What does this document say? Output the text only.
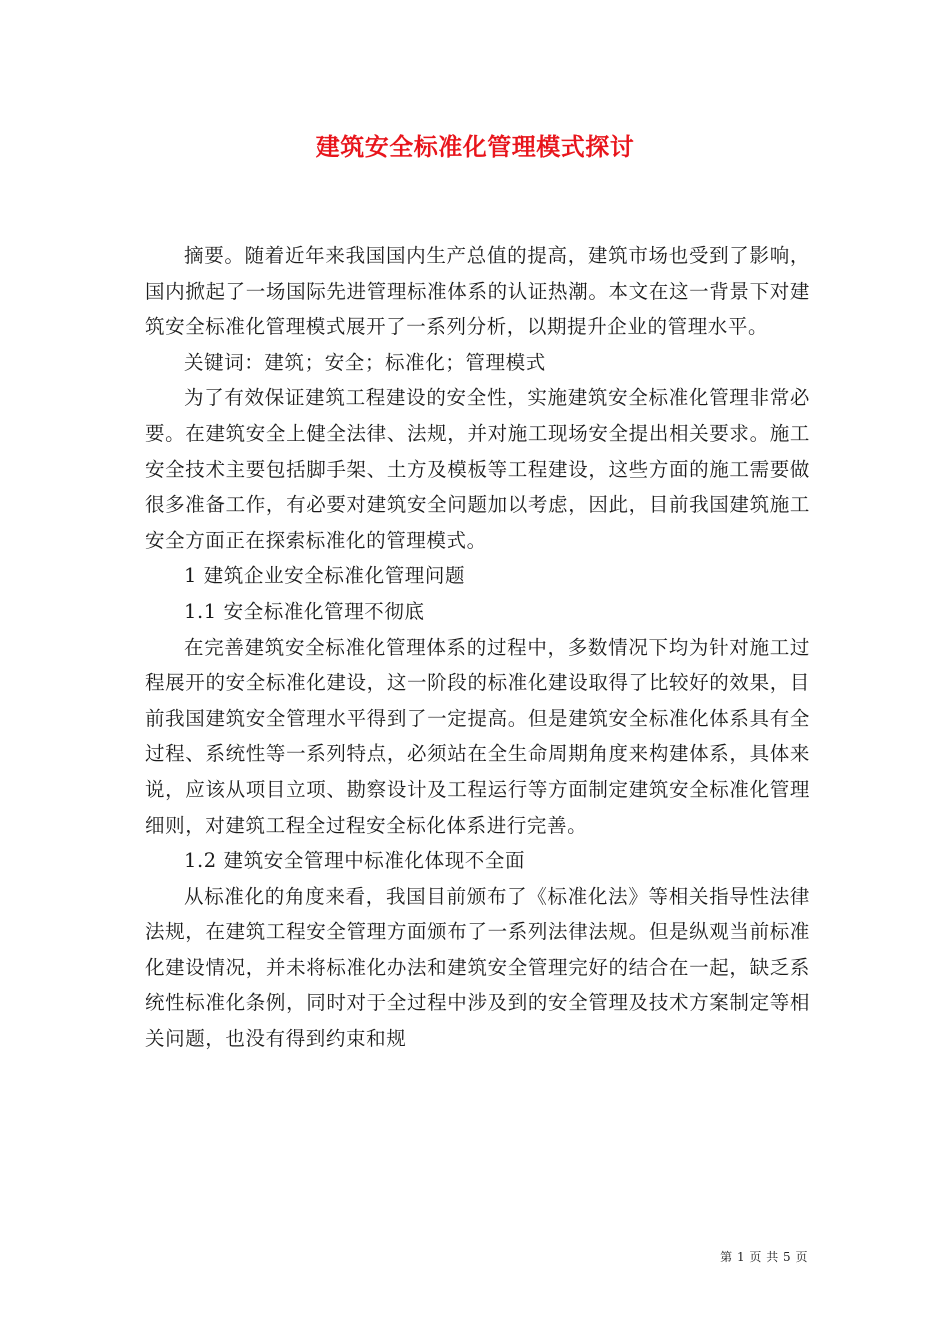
建筑安全标准化管理模式探讨

摘要。随着近年来我国国内生产总值的提高，建筑市场也受到了影响，国内掀起了一场国际先进管理标准体系的认证热潮。本文在这一背景下对建筑安全标准化管理模式展开了一系列分析，以期提升企业的管理水平。

关键词：建筑；安全；标准化；管理模式

为了有效保证建筑工程建设的安全性，实施建筑安全标准化管理非常必要。在建筑安全上健全法律、法规，并对施工现场安全提出相关要求。施工安全技术主要包括脚手架、土方及模板等工程建设，这些方面的施工需要做很多准备工作，有必要对建筑安全问题加以考虑，因此，目前我国建筑施工安全方面正在探索标准化的管理模式。

1 建筑企业安全标准化管理问题

1.1 安全标准化管理不彻底

在完善建筑安全标准化管理体系的过程中，多数情况下均为针对施工过程展开的安全标准化建设，这一阶段的标准化建设取得了比较好的效果，目前我国建筑安全管理水平得到了一定提高。但是建筑安全标准化体系具有全过程、系统性等一系列特点，必须站在全生命周期角度来构建体系，具体来说，应该从项目立项、勘察设计及工程运行等方面制定建筑安全标准化管理细则，对建筑工程全过程安全标化体系进行完善。

1.2 建筑安全管理中标准化体现不全面

从标准化的角度来看，我国目前颁布了《标准化法》等相关指导性法律法规，在建筑工程安全管理方面颁布了一系列法律法规。但是纵观当前标准化建设情况，并未将标准化办法和建筑安全管理完好的结合在一起，缺乏系统性标准化条例，同时对于全过程中涉及到的安全管理及技术方案制定等相关问题，也没有得到约束和规

第 1 页 共 5 页
